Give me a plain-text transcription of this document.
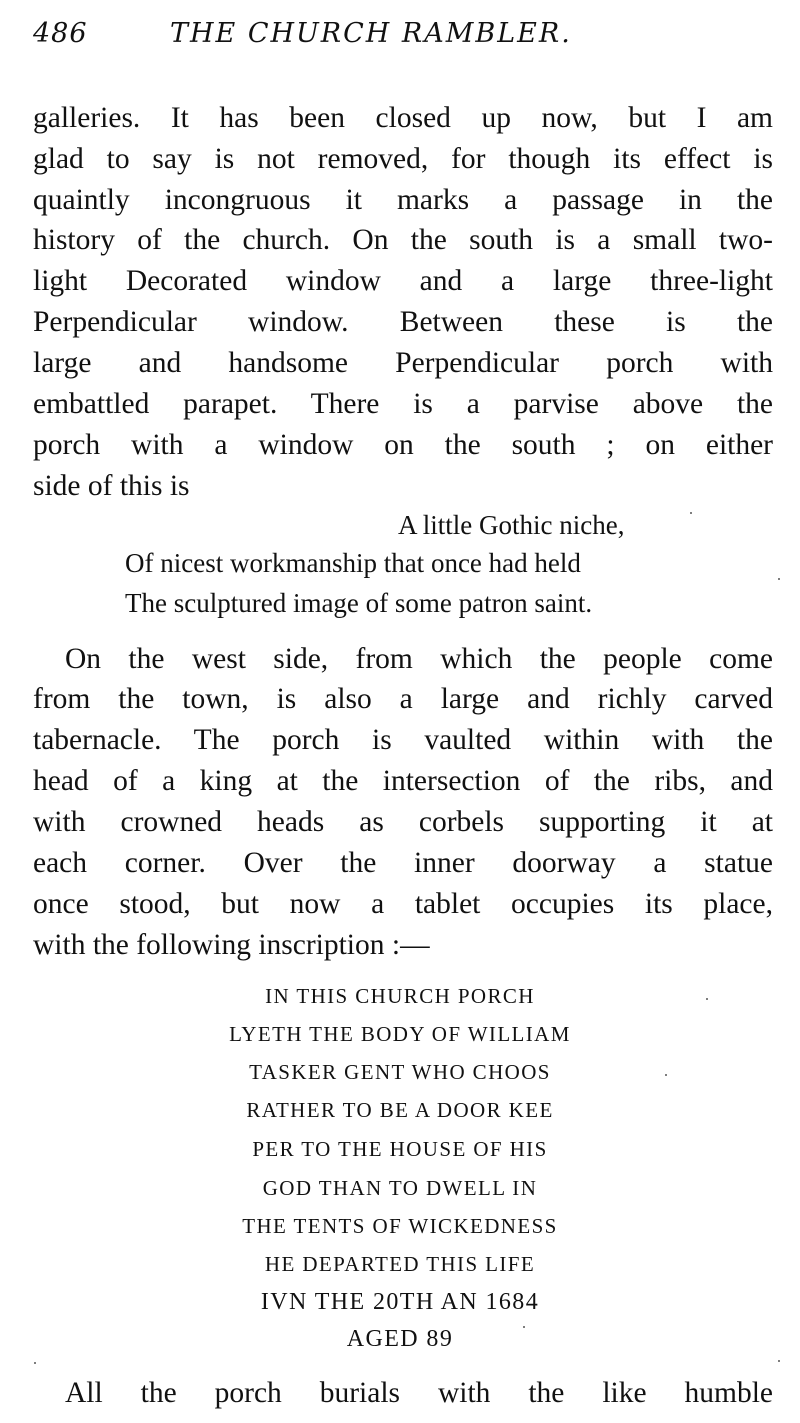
486	THE CHURCH RAMBLER.
galleries. It has been closed up now, but I am
glad to say is not removed, for though its effect is
quaintly incongruous it marks a passage in the
history of the church. On the south is a small two-
light Decorated window and a large three-light
Perpendicular window. Between these is the
large and handsome Perpendicular porch with
embattled parapet. There is a parvise above the
porch with a window on the south ; on either
side of this is
A little Gothic niche,
Of nicest workmanship that once had held
The sculptured image of some patron saint.
On the west side, from which the people come
from the town, is also a large and richly carved
tabernacle. The porch is vaulted within with the
head of a king at the intersection of the ribs, and
with crowned heads as corbels supporting it at
each corner. Over the inner doorway a statue
once stood, but now a tablet occupies its place,
with the following inscription :—
IN THIS CHURCH PORCH
LYETH THE BODY OF WILLIAM
TASKER GENT WHO CHOOS
RATHER TO BE A DOOR KEE
PER TO THE HOUSE OF HIS
GOD THAN TO DWELL IN
THE TENTS OF WICKEDNESS
HE DEPARTED THIS LIFE
IVN THE 20TH AN 1684
AGED 89
All the porch burials with the like humble
